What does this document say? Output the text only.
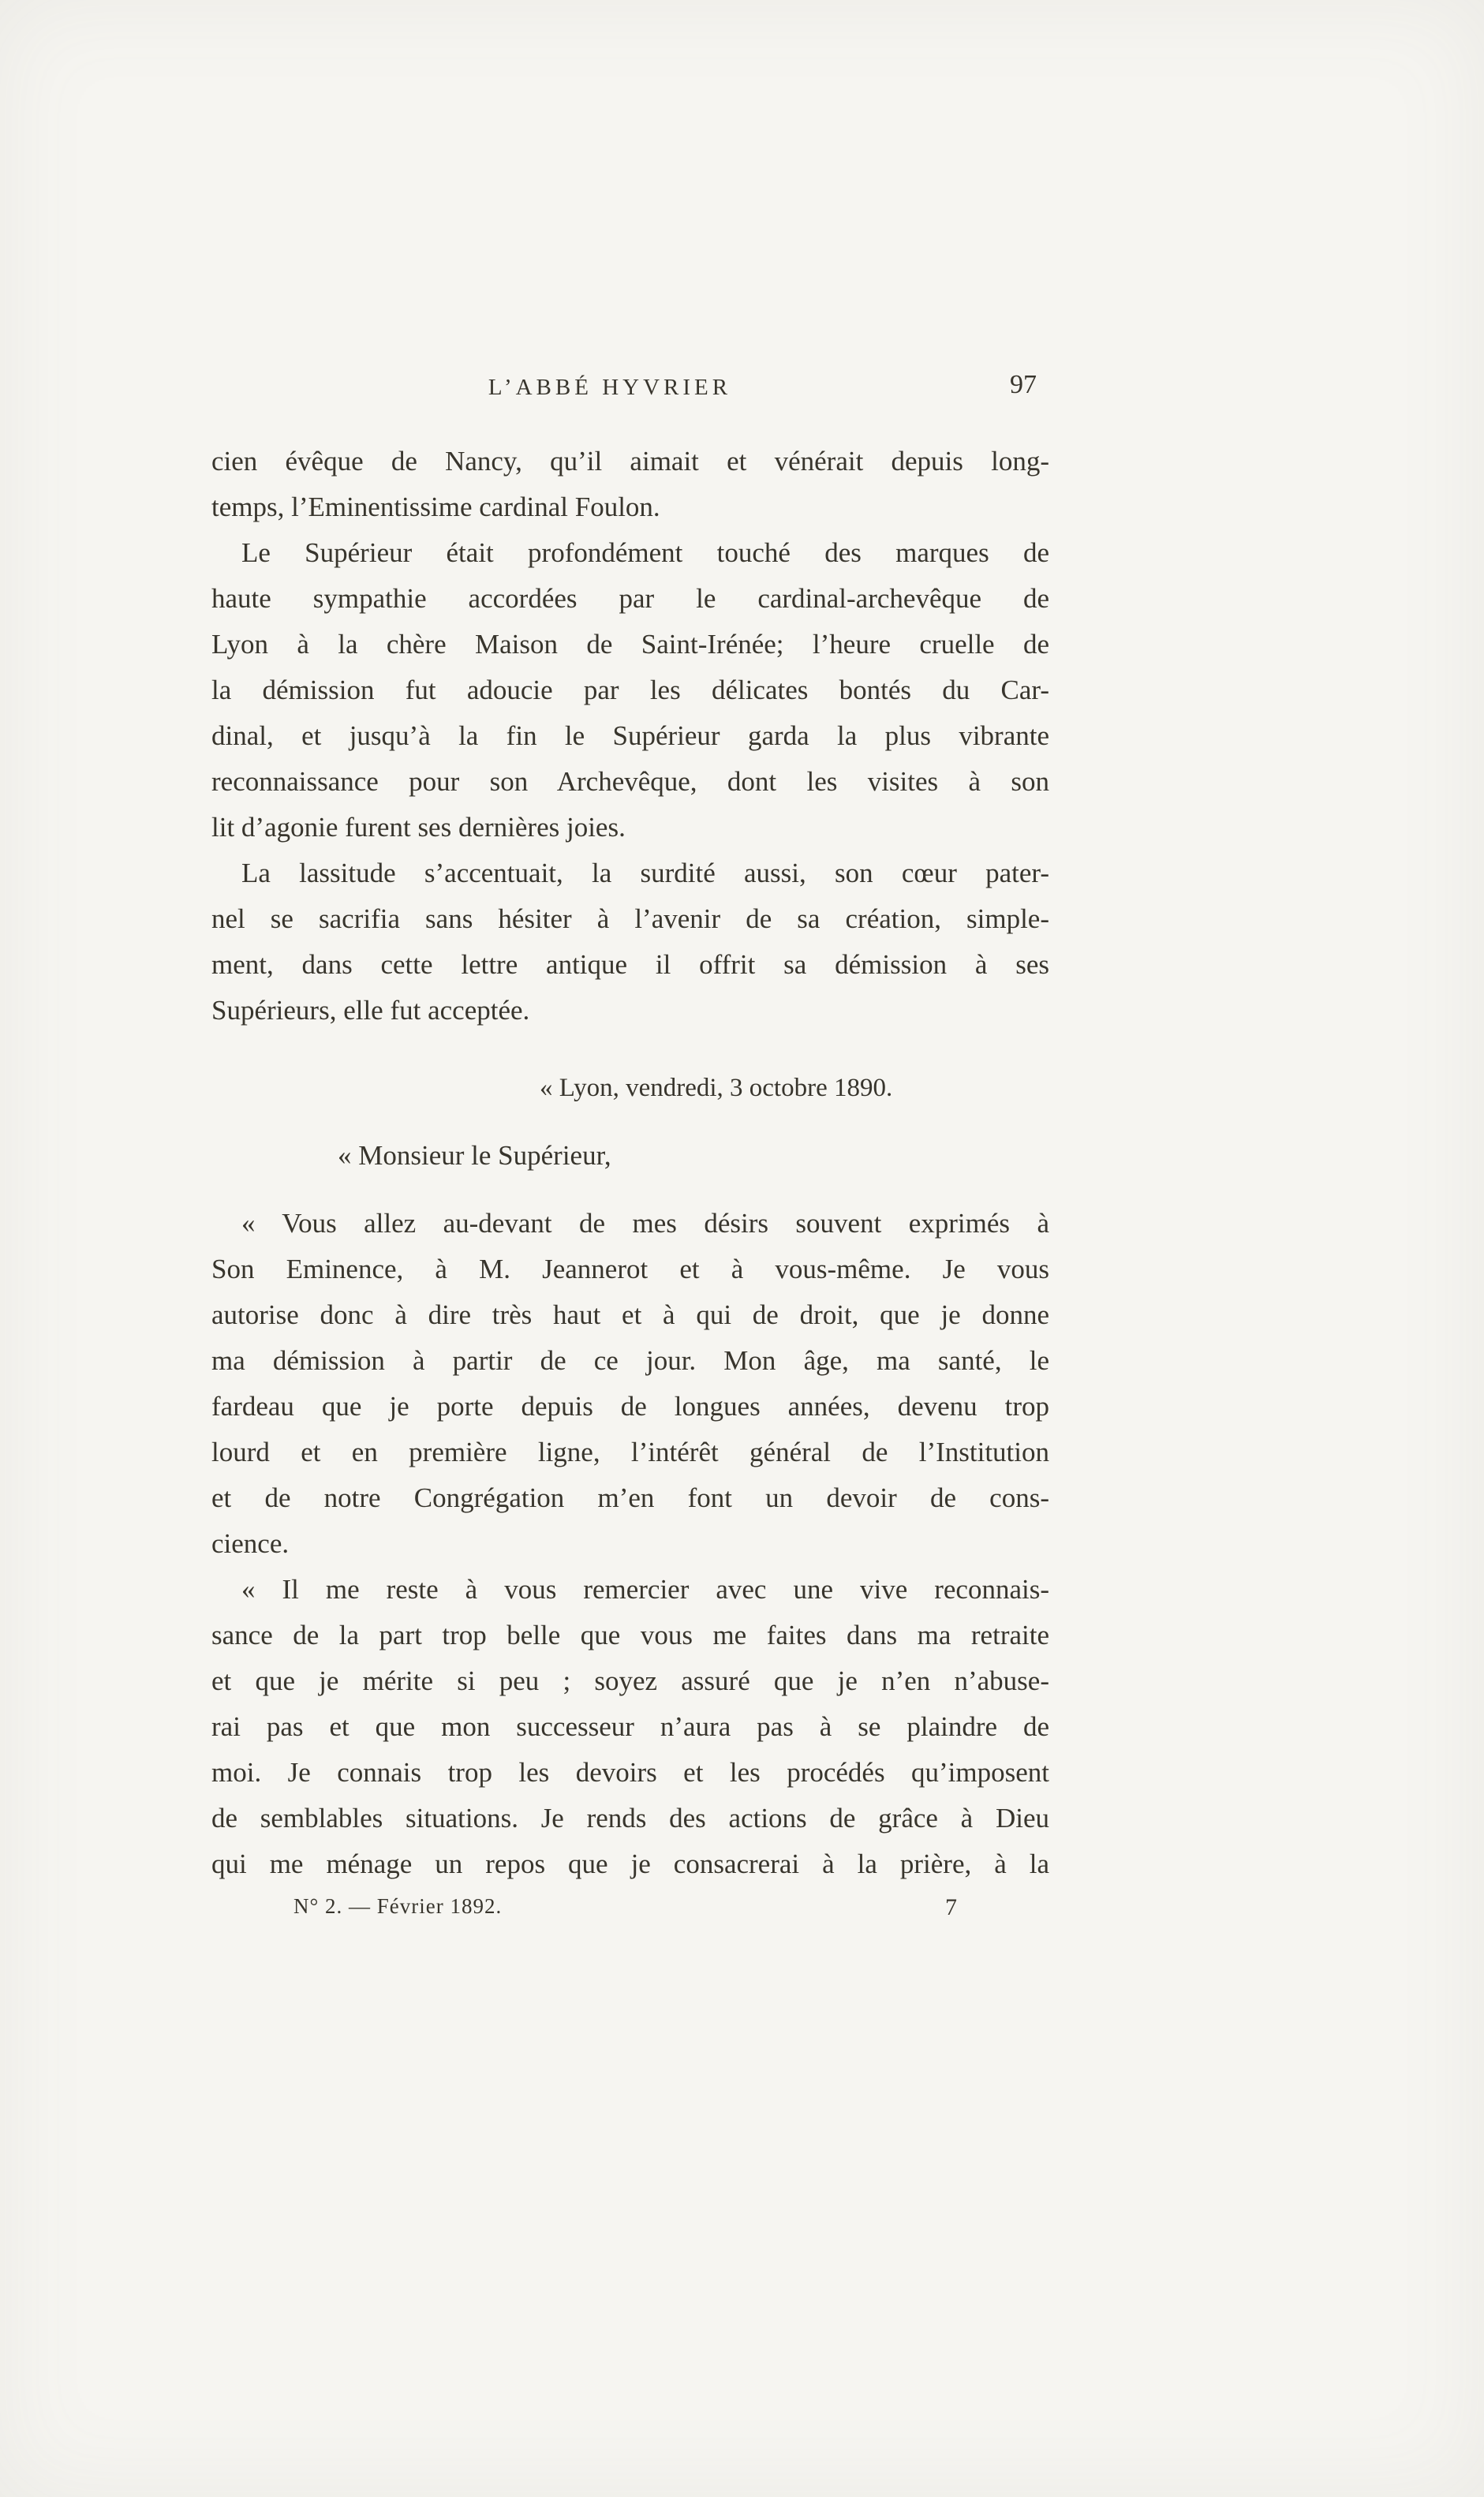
L’ABBÉ HYVRIER	97
cien évêque de Nancy, qu’il aimait et vénérait depuis long-
temps, l’Eminentissime cardinal Foulon.
Le Supérieur était profondément touché des marques de
haute sympathie accordées par le cardinal-archevêque de
Lyon à la chère Maison de Saint-Irénée; l’heure cruelle de
la démission fut adoucie par les délicates bontés du Car-
dinal, et jusqu’à la fin le Supérieur garda la plus vibrante
reconnaissance pour son Archevêque, dont les visites à son
lit d’agonie furent ses dernières joies.
La lassitude s’accentuait, la surdité aussi, son cœur pater-
nel se sacrifia sans hésiter à l’avenir de sa création, simple-
ment, dans cette lettre antique il offrit sa démission à ses
Supérieurs, elle fut acceptée.
« Lyon, vendredi, 3 octobre 1890.
« Monsieur le Supérieur,
« Vous allez au-devant de mes désirs souvent exprimés à
Son Eminence, à M. Jeannerot et à vous-même. Je vous
autorise donc à dire très haut et à qui de droit, que je donne
ma démission à partir de ce jour. Mon âge, ma santé, le
fardeau que je porte depuis de longues années, devenu trop
lourd et en première ligne, l’intérêt général de l’Institution
et de notre Congrégation m’en font un devoir de cons-
cience.
« Il me reste à vous remercier avec une vive reconnais-
sance de la part trop belle que vous me faites dans ma retraite
et que je mérite si peu ; soyez assuré que je n’en n’abuse-
rai pas et que mon successeur n’aura pas à se plaindre de
moi. Je connais trop les devoirs et les procédés qu’imposent
de semblables situations. Je rends des actions de grâce à Dieu
qui me ménage un repos que je consacrerai à la prière, à la
N° 2. — Février 1892.	7
